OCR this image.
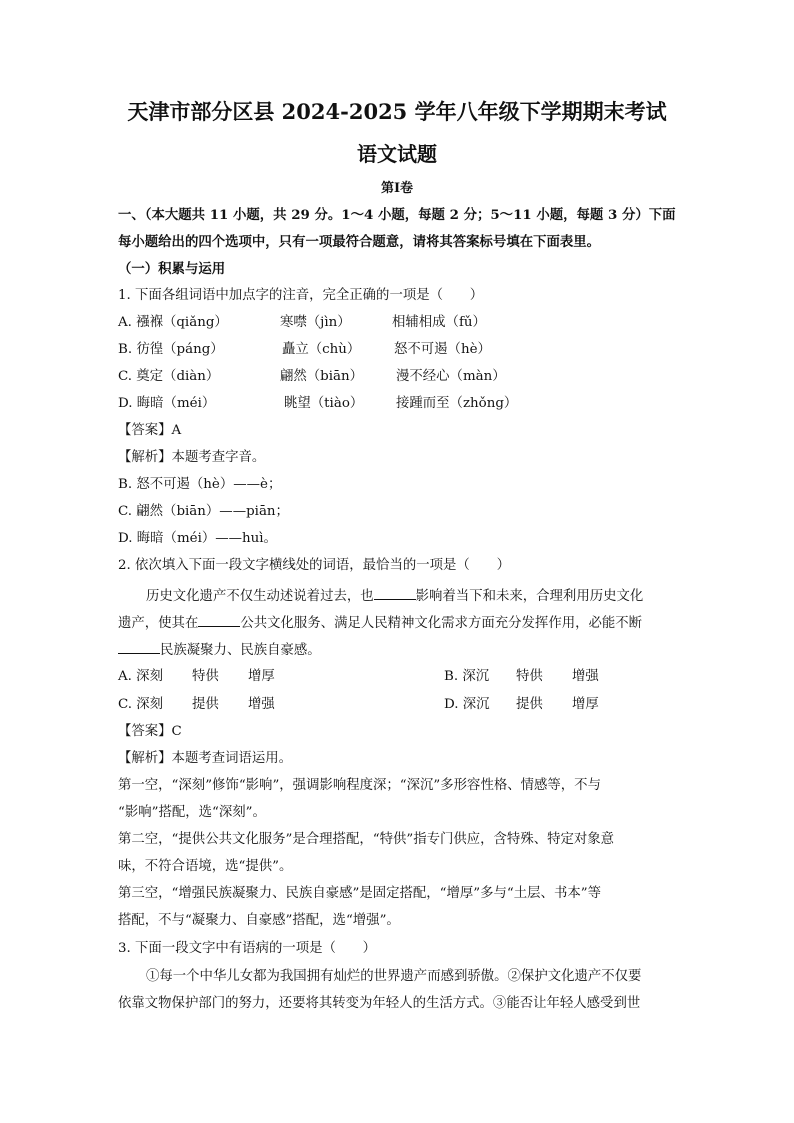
天津市部分区县 2024-2025 学年八年级下学期期末考试
语文试题
第Ⅰ卷
一、（本大题共 11 小题，共 29 分。1～4 小题，每题 2 分；5～11 小题，每题 3 分）下面
每小题给出的四个选项中，只有一项最符合题意，请将其答案标号填在下面表里。
（一）积累与运用
1. 下面各组词语中加点字的注音，完全正确的一项是（　　）
A. 襁褓（qiǎng）	寒噤（jìn）	相辅相成（fǔ）
B. 彷徨（páng）	矗立（chù）	怒不可遏（hè）
C. 奠定（diàn）	翩然（biān） 漫不经心（màn）
D. 晦暗（méi）	眺望（tiào） 接踵而至（zhǒng）
【答案】A
【解析】本题考查字音。
B. 怒不可遏（hè）——è；
C. 翩然（biān）——piān；
D. 晦暗（méi）——huì。
2. 依次填入下面一段文字横线处的词语，最恰当的一项是（　　）
历史文化遗产不仅生动述说着过去，也	影响着当下和未来，合理利用历史文化
遗产，使其在	公共文化服务、满足人民精神文化需求方面充分发挥作用，必能不断
民族凝聚力、民族自豪感。
A. 深刻 特供 增厚	B. 深沉 特供 增强
C. 深刻 提供 增强	D. 深沉 提供 增厚
【答案】C
【解析】本题考查词语运用。
第一空，“深刻”修饰“影响”，强调影响程度深；“深沉”多形容性格、情感等，不与
“影响”搭配，选“深刻”。
第二空，“提供公共文化服务”是合理搭配，“特供”指专门供应，含特殊、特定对象意
味，不符合语境，选“提供”。
第三空，“增强民族凝聚力、民族自豪感”是固定搭配，“增厚”多与“土层、书本”等
搭配，不与“凝聚力、自豪感”搭配，选“增强”。
3. 下面一段文字中有语病的一项是（　　）
①每一个中华儿女都为我国拥有灿烂的世界遗产而感到骄傲。②保护文化遗产不仅要
依靠文物保护部门的努力，还要将其转变为年轻人的生活方式。③能否让年轻人感受到世
